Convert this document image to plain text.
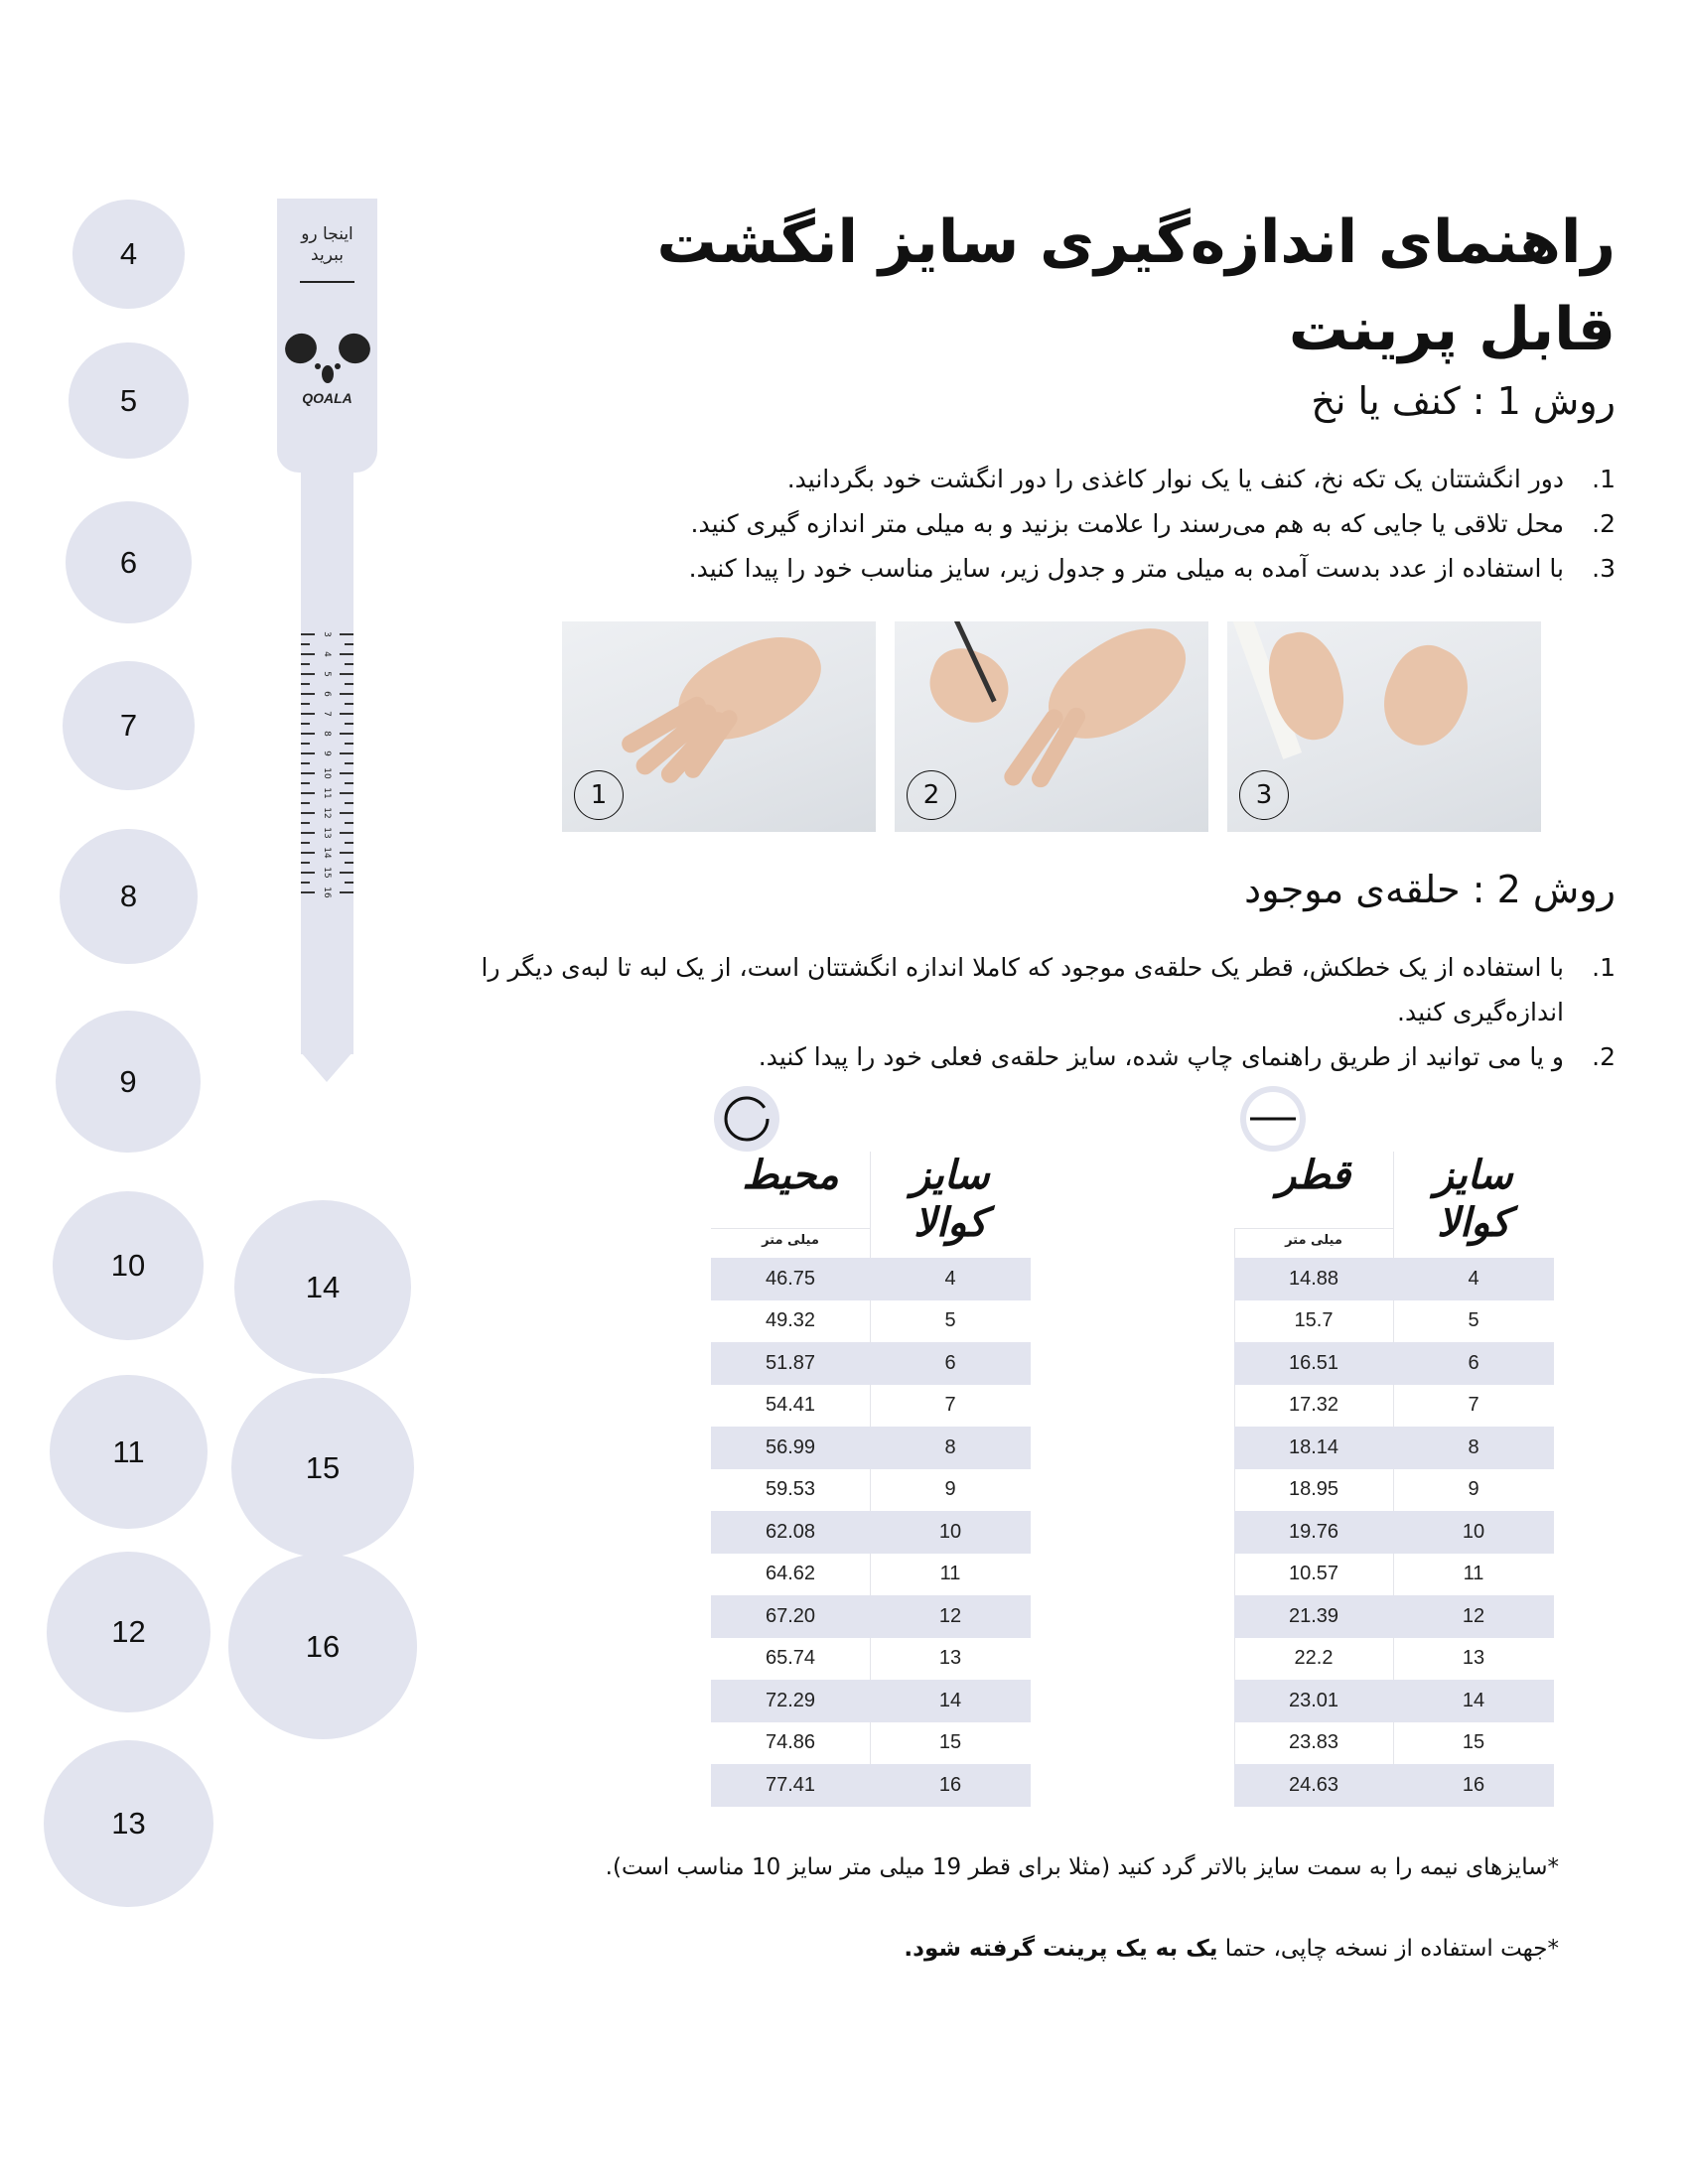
4
5
6
7
8
9
10
11
12
13
14
15
16
اینجا رو
ببرید
QOALA
3
4
5
6
7
8
9
10
11
12
13
14
15
16
راهنمای اندازه‌گیری سایز انگشت
قابل پرینت
روش 1 : کنف یا نخ
1.
دور انگشتتان یک تکه نخ، کنف یا یک نوار کاغذی را دور انگشت خود بگردانید.
2.
محل تلاقی یا جایی که به هم می‌رسند را علامت بزنید و به میلی متر اندازه گیری کنید.
3.
با استفاده از عدد بدست آمده به میلی متر و جدول زیر، سایز مناسب خود را پیدا کنید.
1	2	3
روش 2 : حلقه‌ی موجود
1.
با استفاده از یک خطکش، قطر یک حلقه‌ی موجود که کاملا اندازه انگشتتان است، از یک لبه تا لبه‌ی دیگر را اندازه‌گیری کنید.
2.
و یا می توانید از طریق راهنمای چاپ شده، سایز حلقه‌ی فعلی خود را پیدا کنید.
محیط	سایز
کوالا
میلی متر
46.75	4
49.32	5
51.87	6
54.41	7
56.99	8
59.53	9
62.08	10
64.62	11
67.20	12
65.74	13
72.29	14
74.86	15
77.41	16
قطر	سایز
کوالا
میلی متر
14.88	4
15.7	5
16.51	6
17.32	7
18.14	8
18.95	9
19.76	10
10.57	11
21.39	12
22.2	13
23.01	14
23.83	15
24.63	16
*سایزهای نیمه را به سمت سایز بالاتر گرد کنید (مثلا برای قطر 19 میلی متر سایز 10 مناسب است).
*جهت استفاده از نسخه چاپی، حتما یک به یک پرینت گرفته شود.
